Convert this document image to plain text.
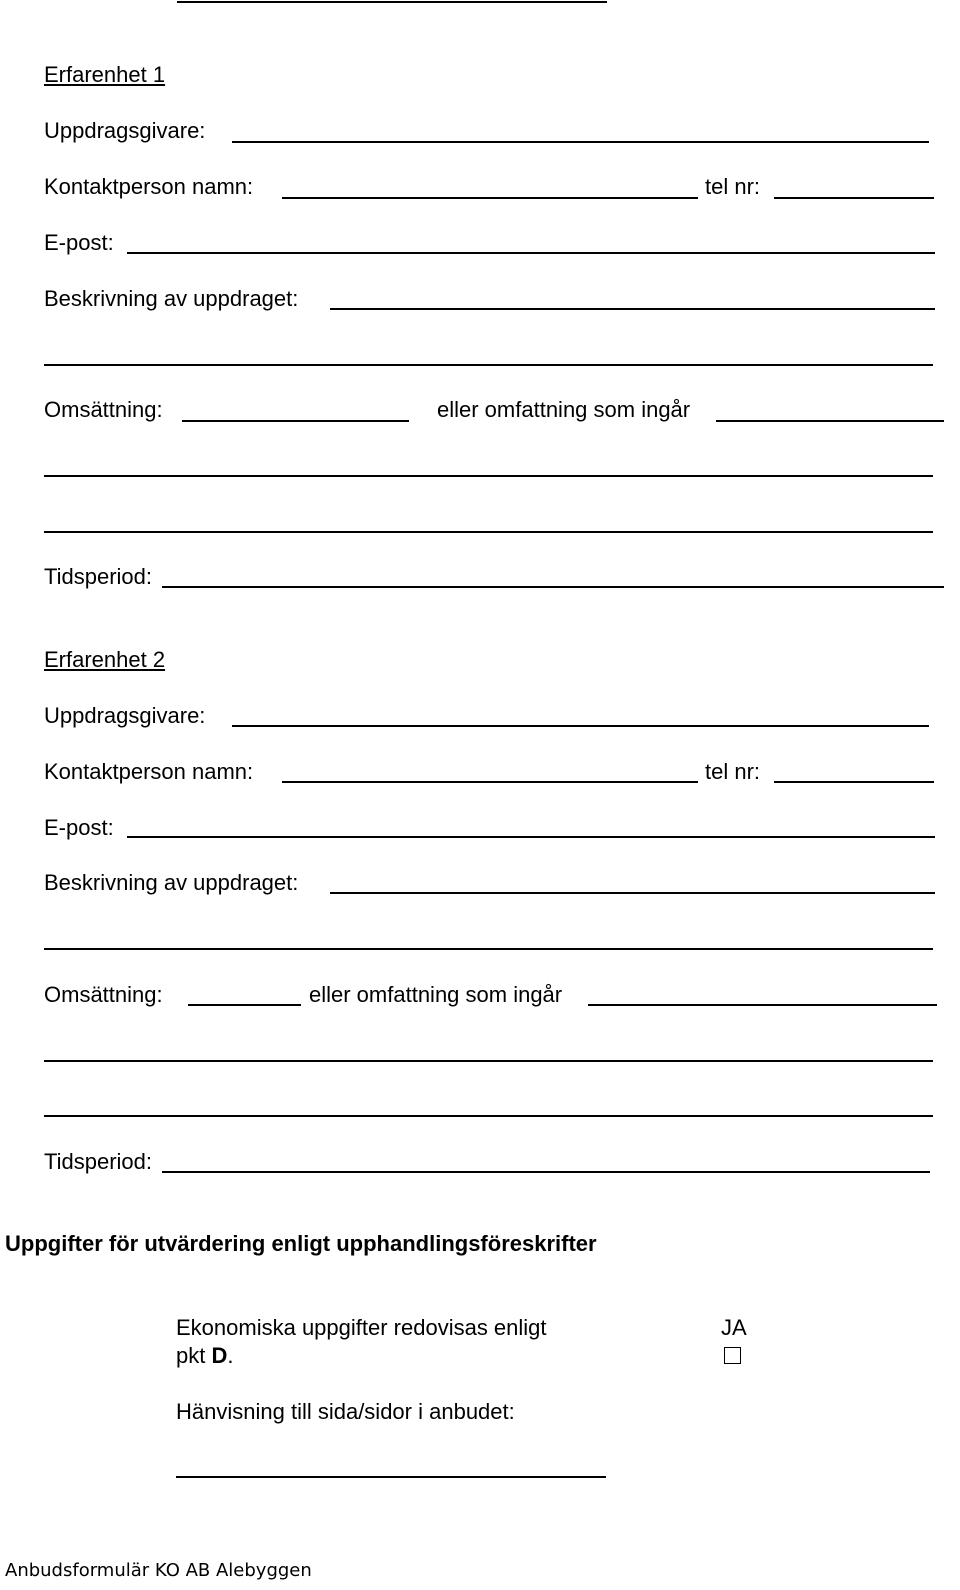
Erfarenhet 1
Uppdragsgivare:
Kontaktperson namn:	tel nr:
E-post:
Beskrivning av uppdraget:
Omsättning:	eller omfattning som ingår
Tidsperiod:
Erfarenhet 2
Uppdragsgivare:
Kontaktperson namn:	tel nr:
E-post:
Beskrivning av uppdraget:
Omsättning:	eller omfattning som ingår
Tidsperiod:
Uppgifter för utvärdering enligt upphandlingsföreskrifter
Ekonomiska uppgifter redovisas enligt
pkt D.
JA
Hänvisning till sida/sidor i anbudet:
Anbudsformulär KO AB Alebyggen
